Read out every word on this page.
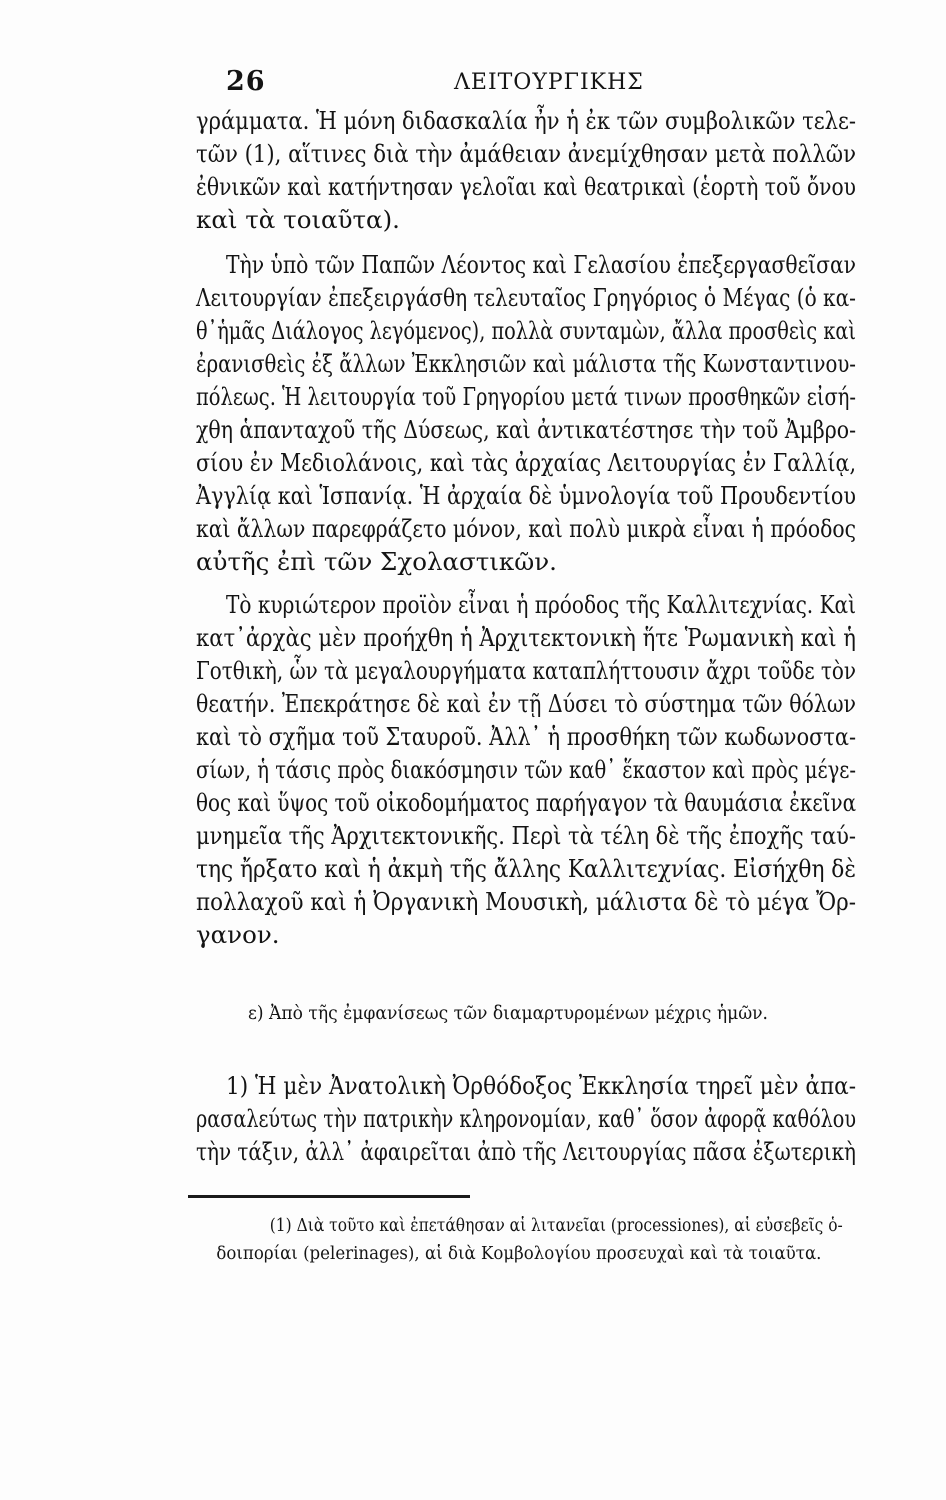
26	ΛΕΙΤΟΥΡΓΙΚΗΣ
γράμματα. Ἡ μόνη διδασκαλία ἦν ἡ ἐκ τῶν συμβολικῶν τελε-
τῶν (1), αἵτινες διὰ τὴν ἀμάθειαν ἀνεμίχθησαν μετὰ πολλῶν
ἐθνικῶν καὶ κατήντησαν γελοῖαι καὶ θεατρικαὶ (ἑορτὴ τοῦ ὄνου
καὶ τὰ τοιαῦτα).
Τὴν ὑπὸ τῶν Παπῶν Λέοντος καὶ Γελασίου ἐπεξεργασθεῖσαν
Λειτουργίαν ἐπεξειργάσθη τελευταῖος Γρηγόριος ὁ Μέγας (ὁ κα-
θ᾽ἡμᾶς Διάλογος λεγόμενος), πολλὰ συνταμὼν, ἄλλα προσθεὶς καὶ
ἐρανισθεὶς ἐξ ἄλλων Ἐκκλησιῶν καὶ μάλιστα τῆς Κωνσταντινου-
πόλεως. Ἡ λειτουργία τοῦ Γρηγορίου μετά τινων προσθηκῶν εἰσή-
χθη ἁπανταχοῦ τῆς Δύσεως, καὶ ἀντικατέστησε τὴν τοῦ Ἀμβρο-
σίου ἐν Μεδιολάνοις, καὶ τὰς ἀρχαίας Λειτουργίας ἐν Γαλλίᾳ,
Ἀγγλίᾳ καὶ Ἱσπανίᾳ. Ἡ ἀρχαία δὲ ὑμνολογία τοῦ Προυδεντίου
καὶ ἄλλων παρεφράζετο μόνον, καὶ πολὺ μικρὰ εἶναι ἡ πρόοδος
αὐτῆς ἐπὶ τῶν Σχολαστικῶν.
Τὸ κυριώτερον προϊὸν εἶναι ἡ πρόοδος τῆς Καλλιτεχνίας. Καὶ
κατ᾽ἀρχὰς μὲν προήχθη ἡ Ἀρχιτεκτονικὴ ἥτε Ῥωμανικὴ καὶ ἡ
Γοτθικὴ, ὧν τὰ μεγαλουργήματα καταπλήττουσιν ἄχρι τοῦδε τὸν
θεατήν. Ἐπεκράτησε δὲ καὶ ἐν τῇ Δύσει τὸ σύστημα τῶν θόλων
καὶ τὸ σχῆμα τοῦ Σταυροῦ. Ἀλλ᾽ ἡ προσθήκη τῶν κωδωνοστα-
σίων, ἡ τάσις πρὸς διακόσμησιν τῶν καθ᾽ ἕκαστον καὶ πρὸς μέγε-
θος καὶ ὕψος τοῦ οἰκοδομήματος παρήγαγον τὰ θαυμάσια ἐκεῖνα
μνημεῖα τῆς Ἀρχιτεκτονικῆς. Περὶ τὰ τέλη δὲ τῆς ἐποχῆς ταύ-
της ἤρξατο καὶ ἡ ἀκμὴ τῆς ἄλλης Καλλιτεχνίας. Εἰσήχθη δὲ
πολλαχοῦ καὶ ἡ Ὀργανικὴ Μουσικὴ, μάλιστα δὲ τὸ μέγα Ὄρ-
γανον.
ε) Ἀπὸ τῆς ἐμφανίσεως τῶν διαμαρτυρομένων μέχρις ἡμῶν.
1) Ἡ μὲν Ἀνατολικὴ Ὀρθόδοξος Ἐκκλησία τηρεῖ μὲν ἀπα-
ρασαλεύτως τὴν πατρικὴν κληρονομίαν, καθ᾽ ὅσον ἀφορᾷ καθόλου
τὴν τάξιν, ἀλλ᾽ ἀφαιρεῖται ἀπὸ τῆς Λειτουργίας πᾶσα ἐξωτερικὴ
(1) Διὰ τοῦτο καὶ ἐπετάθησαν αἱ λιτανεῖαι (processiones), αἱ εὐσεβεῖς ὁ-
δοιπορίαι (pelerinages), αἱ διὰ Κομβολογίου προσευχαὶ καὶ τὰ τοιαῦτα.
